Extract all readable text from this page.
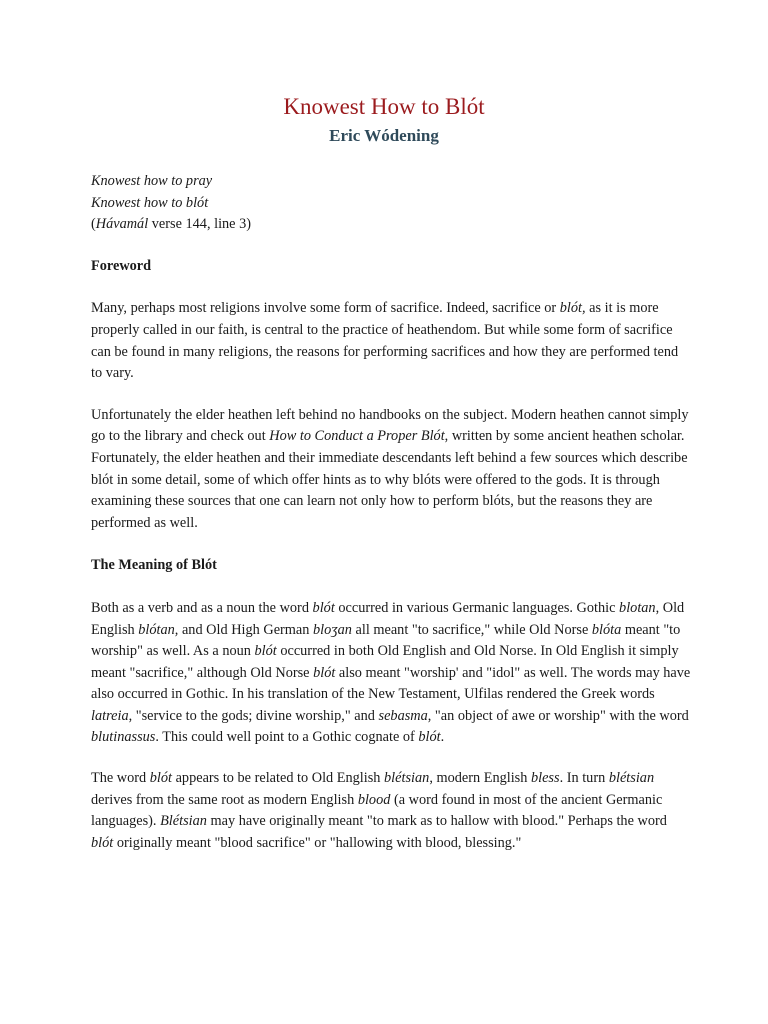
Knowest How to Blót
Eric Wódening

Knowest how to pray
Knowest how to blót
(Hávamál verse 144, line 3)

Foreword

Many, perhaps most religions involve some form of sacrifice. Indeed, sacrifice or blót, as it is more properly called in our faith, is central to the practice of heathendom. But while some form of sacrifice can be found in many religions, the reasons for performing sacrifices and how they are performed tend to vary.

Unfortunately the elder heathen left behind no handbooks on the subject. Modern heathen cannot simply go to the library and check out How to Conduct a Proper Blót, written by some ancient heathen scholar. Fortunately, the elder heathen and their immediate descendants left behind a few sources which describe blót in some detail, some of which offer hints as to why blóts were offered to the gods. It is through examining these sources that one can learn not only how to perform blóts, but the reasons they are performed as well.

The Meaning of Blót

Both as a verb and as a noun the word blót occurred in various Germanic languages. Gothic blotan, Old English blótan, and Old High German bloʒan all meant "to sacrifice," while Old Norse blóta meant "to worship" as well. As a noun blót occurred in both Old English and Old Norse. In Old English it simply meant "sacrifice," although Old Norse blót also meant "worship' and "idol" as well. The words may have also occurred in Gothic. In his translation of the New Testament, Ulfilas rendered the Greek words latreia, "service to the gods; divine worship," and sebasma, "an object of awe or worship" with the word blutinassus. This could well point to a Gothic cognate of blót.

The word blót appears to be related to Old English blétsian, modern English bless. In turn blétsian derives from the same root as modern English blood (a word found in most of the ancient Germanic languages). Blétsian may have originally meant "to mark as to hallow with blood." Perhaps the word blót originally meant "blood sacrifice" or "hallowing with blood, blessing."
